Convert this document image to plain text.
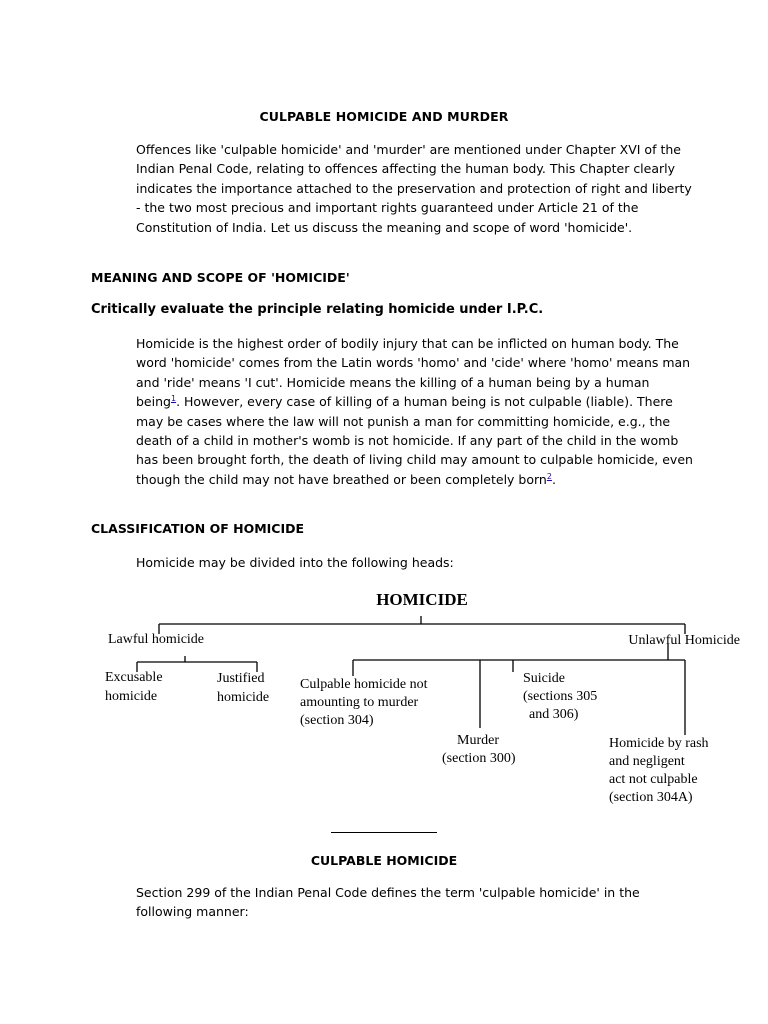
CULPABLE HOMICIDE AND MURDER
Offences like 'culpable homicide' and 'murder' are mentioned under Chapter XVI of the Indian Penal Code, relating to offences affecting the human body. This Chapter clearly indicates the importance attached to the preservation and protection of right and liberty - the two most precious and important rights guaranteed under Article 21 of the Constitution of India. Let us discuss the meaning and scope of word 'homicide'.
MEANING AND SCOPE OF 'HOMICIDE'
Critically evaluate the principle relating homicide under I.P.C.
Homicide is the highest order of bodily injury that can be inflicted on human body. The word 'homicide' comes from the Latin words 'homo' and 'cide' where 'homo' means man and 'ride' means 'I cut'. Homicide means the killing of a human being by a human being$^1$. However, every case of killing of a human being is not culpable (liable). There may be cases where the law will not punish a man for committing homicide, e.g., the death of a child in mother's womb is not homicide. If any part of the child in the womb has been brought forth, the death of living child may amount to culpable homicide, even though the child may not have breathed or been completely born$^2$.
CLASSIFICATION OF HOMICIDE
Homicide may be divided into the following heads:
HOMICIDE
Lawful homicide	Unlawful Homicide
Excusable
homicide
Justified
homicide
Culpable homicide not
amounting to murder
(section 304)
Murder
(section 300)
Suicide
(sections 305
and 306)
Homicide by rash
and negligent
act not culpable
(section 304A)
CULPABLE HOMICIDE
Section 299 of the Indian Penal Code defines the term 'culpable homicide' in the following manner:
